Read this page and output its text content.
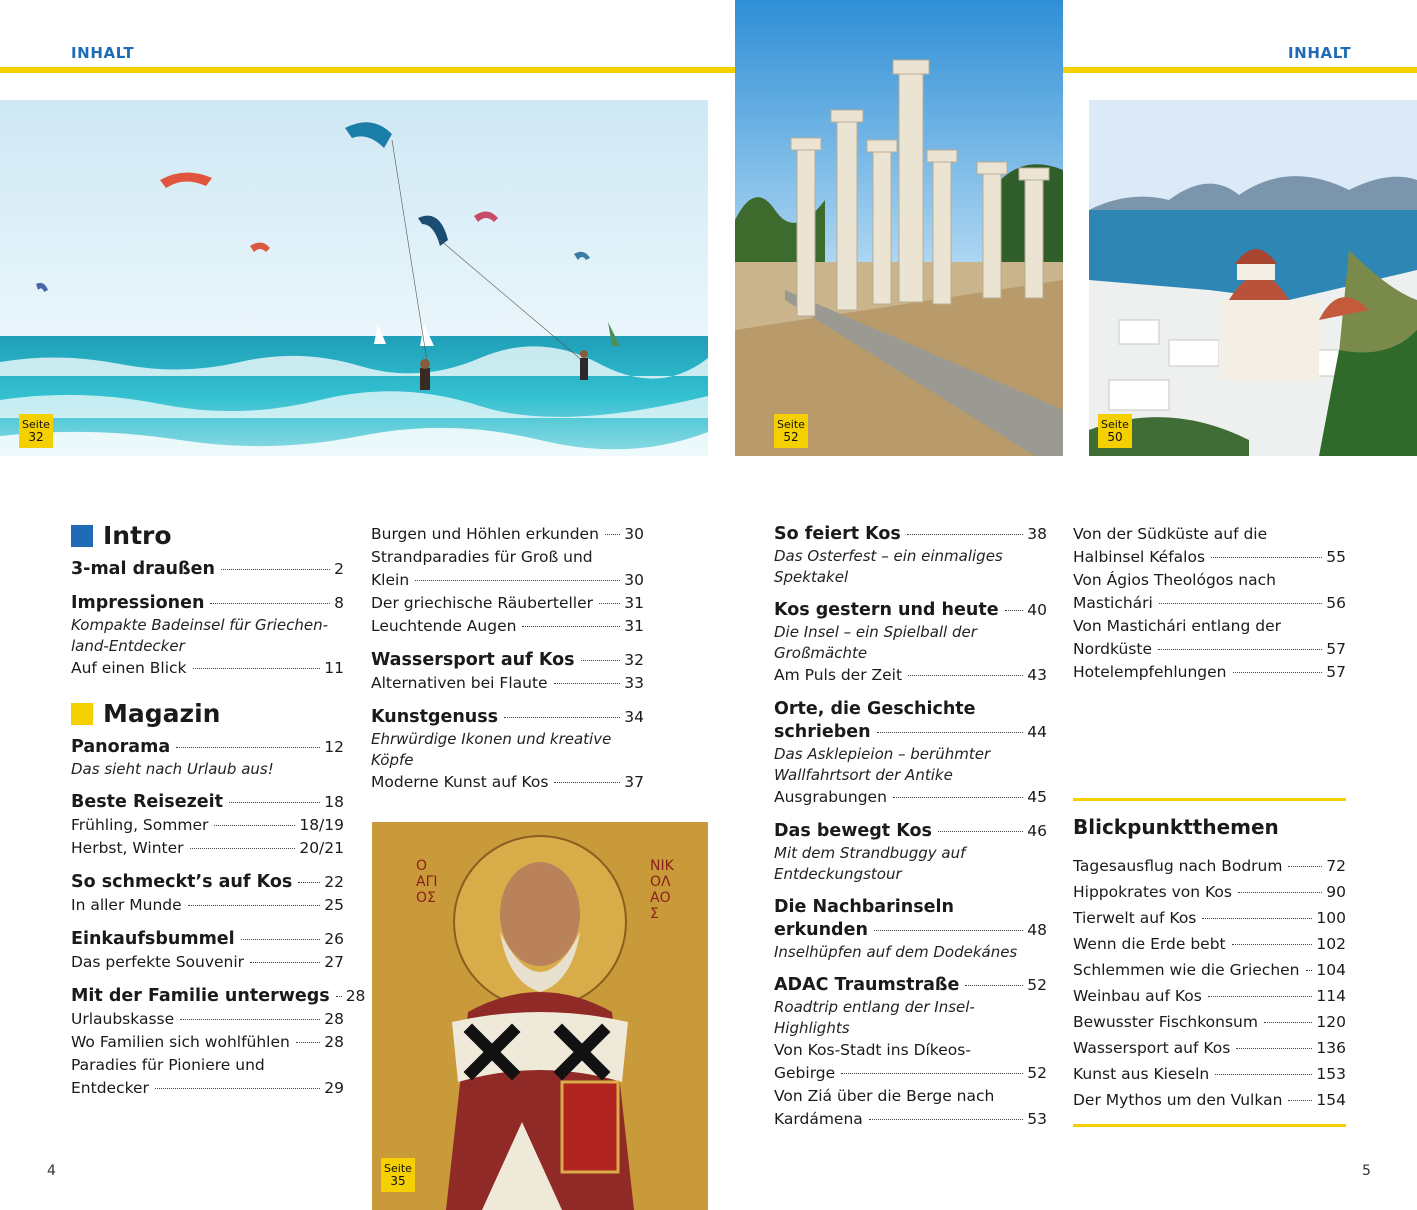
INHALT	INHALT
Seite
32
Seite
52
Seite
50
Ο ΑΓΙΟΣ
ΝΙΚΟΛΑΟΣ
Seite
35
Intro
3-mal draußen	2
Impressionen	8
Kompakte Badeinsel für Griechen-
land-Entdecker
Auf einen Blick	11
Magazin
Panorama	12
Das sieht nach Urlaub aus!
Beste Reisezeit	18
Frühling, Sommer	18/19
Herbst, Winter	20/21
So schmeckt’s auf Kos 22
In aller Munde	25
Einkaufsbummel	26
Das perfekte Souvenir	27
Mit der Familie unterwegs 28
Urlaubskasse	28
Wo Familien sich wohlfühlen 28
Paradies für Pioniere und
Entdecker	29
Burgen und Höhlen erkunden 30
Strandparadies für Groß und
Klein	30
Der griechische Räuberteller 31
Leuchtende Augen	31
Wassersport auf Kos	32
Alternativen bei Flaute	33
Kunstgenuss	34
Ehrwürdige Ikonen und kreative Köpfe
Moderne Kunst auf Kos	37
So feiert Kos	38
Das Osterfest – ein einmaliges
Spektakel
Kos gestern und heute 40
Die Insel – ein Spielball der
Großmächte
Am Puls der Zeit	43
Orte, die Geschichte
schrieben	44
Das Asklepieion – berühmter
Wallfahrtsort der Antike
Ausgrabungen	45
Das bewegt Kos	46
Mit dem Strandbuggy auf
Entdeckungstour
Die Nachbarinseln
erkunden	48
Inselhüpfen auf dem Dodekánes
ADAC Traumstraße	52
Roadtrip entlang der Insel-Highlights
Von Kos-Stadt ins Díkeos-
Gebirge	52
Von Ziá über die Berge nach
Kardámena	53
Von der Südküste auf die
Halbinsel Kéfalos	55
Von Ágios Theológos nach
Mastichári	56
Von Mastichári entlang der
Nordküste	57
Hotelempfehlungen	57
Blickpunktthemen
Tagesausflug nach Bodrum	72
Hippokrates von Kos	90
Tierwelt auf Kos	100
Wenn die Erde bebt	102
Schlemmen wie die Griechen 104
Weinbau auf Kos	114
Bewusster Fischkonsum	120
Wassersport auf Kos	136
Kunst aus Kieseln	153
Der Mythos um den Vulkan 154
4	5
